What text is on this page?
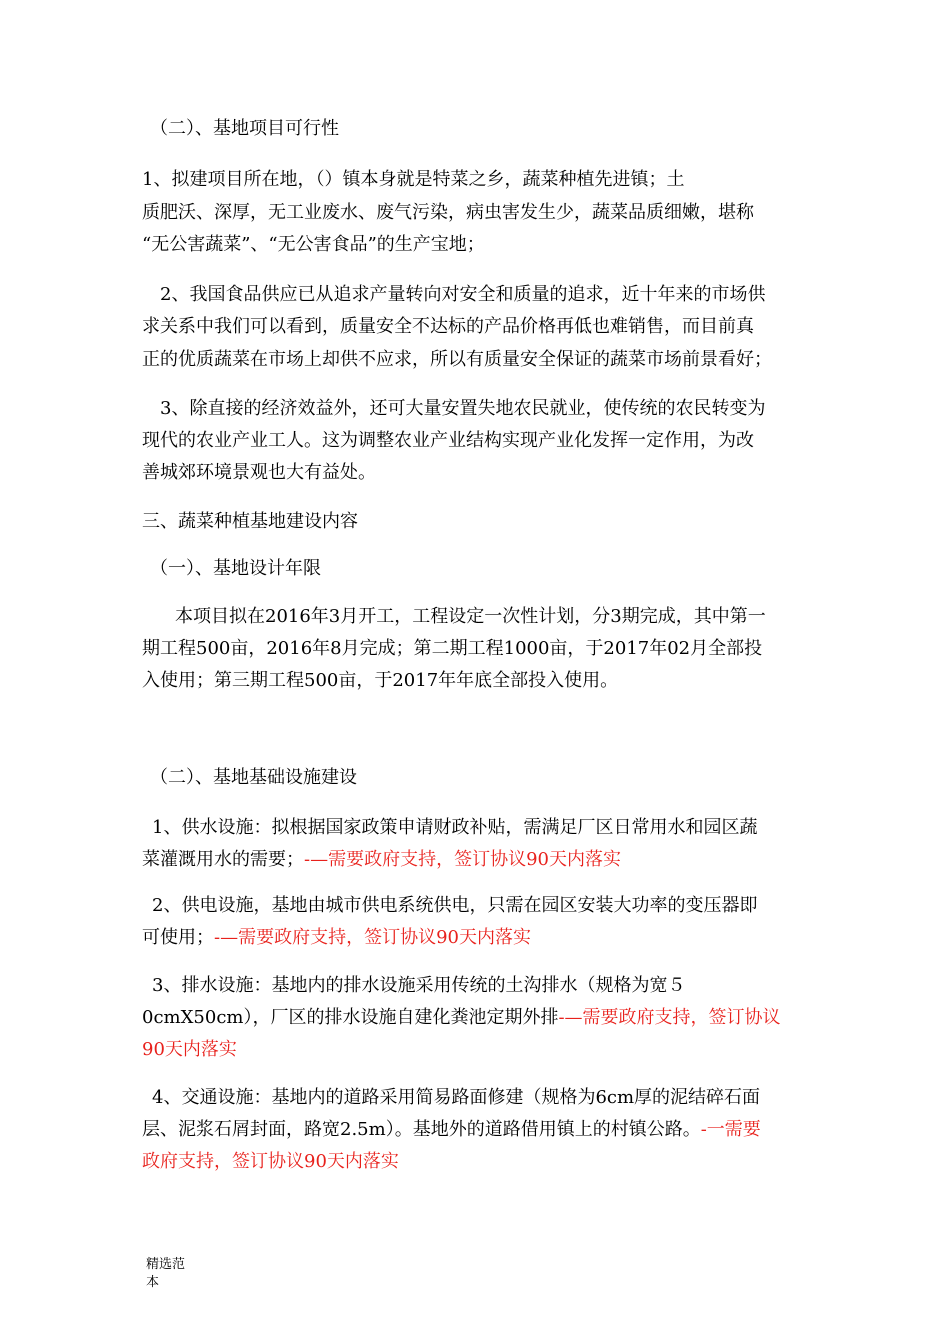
（二）、基地项目可行性
1、拟建项目所在地，（）镇本身就是特菜之乡，蔬菜种植先进镇；土
质肥沃、深厚，无工业废水、废气污染，病虫害发生少，蔬菜品质细嫩，堪称
“无公害蔬菜”、“无公害食品”的生产宝地；
2、我国食品供应已从追求产量转向对安全和质量的追求，近十年来的市场供
求关系中我们可以看到，质量安全不达标的产品价格再低也难销售，而目前真
正的优质蔬菜在市场上却供不应求，所以有质量安全保证的蔬菜市场前景看好；
3、除直接的经济效益外，还可大量安置失地农民就业，使传统的农民转变为
现代的农业产业工人。这为调整农业产业结构实现产业化发挥一定作用，为改
善城郊环境景观也大有益处。
三、蔬菜种植基地建设内容
（一）、基地设计年限
本项目拟在2016年3月开工，工程设定一次性计划，分3期完成，其中第一
期工程500亩，2016年8月完成；第二期工程1000亩，于2017年02月全部投
入使用；第三期工程500亩，于2017年年底全部投入使用。
（二）、基地基础设施建设
1、供水设施：拟根据国家政策申请财政补贴，需满足厂区日常用水和园区蔬
菜灌溉用水的需要；-—需要政府支持，签订协议90天内落实
2、供电设施，基地由城市供电系统供电，只需在园区安装大功率的变压器即
可使用；-—需要政府支持，签订协议90天内落实
3、排水设施：基地内的排水设施采用传统的土沟排水（规格为宽５
0cmX50cm），厂区的排水设施自建化粪池定期外排-—需要政府支持，签订协议
90天内落实
4、交通设施：基地内的道路采用简易路面修建（规格为6cm厚的泥结碎石面
层、泥浆石屑封面，路宽2.5m）。基地外的道路借用镇上的村镇公路。-一需要
政府支持，签订协议90天内落实
精选范
本
